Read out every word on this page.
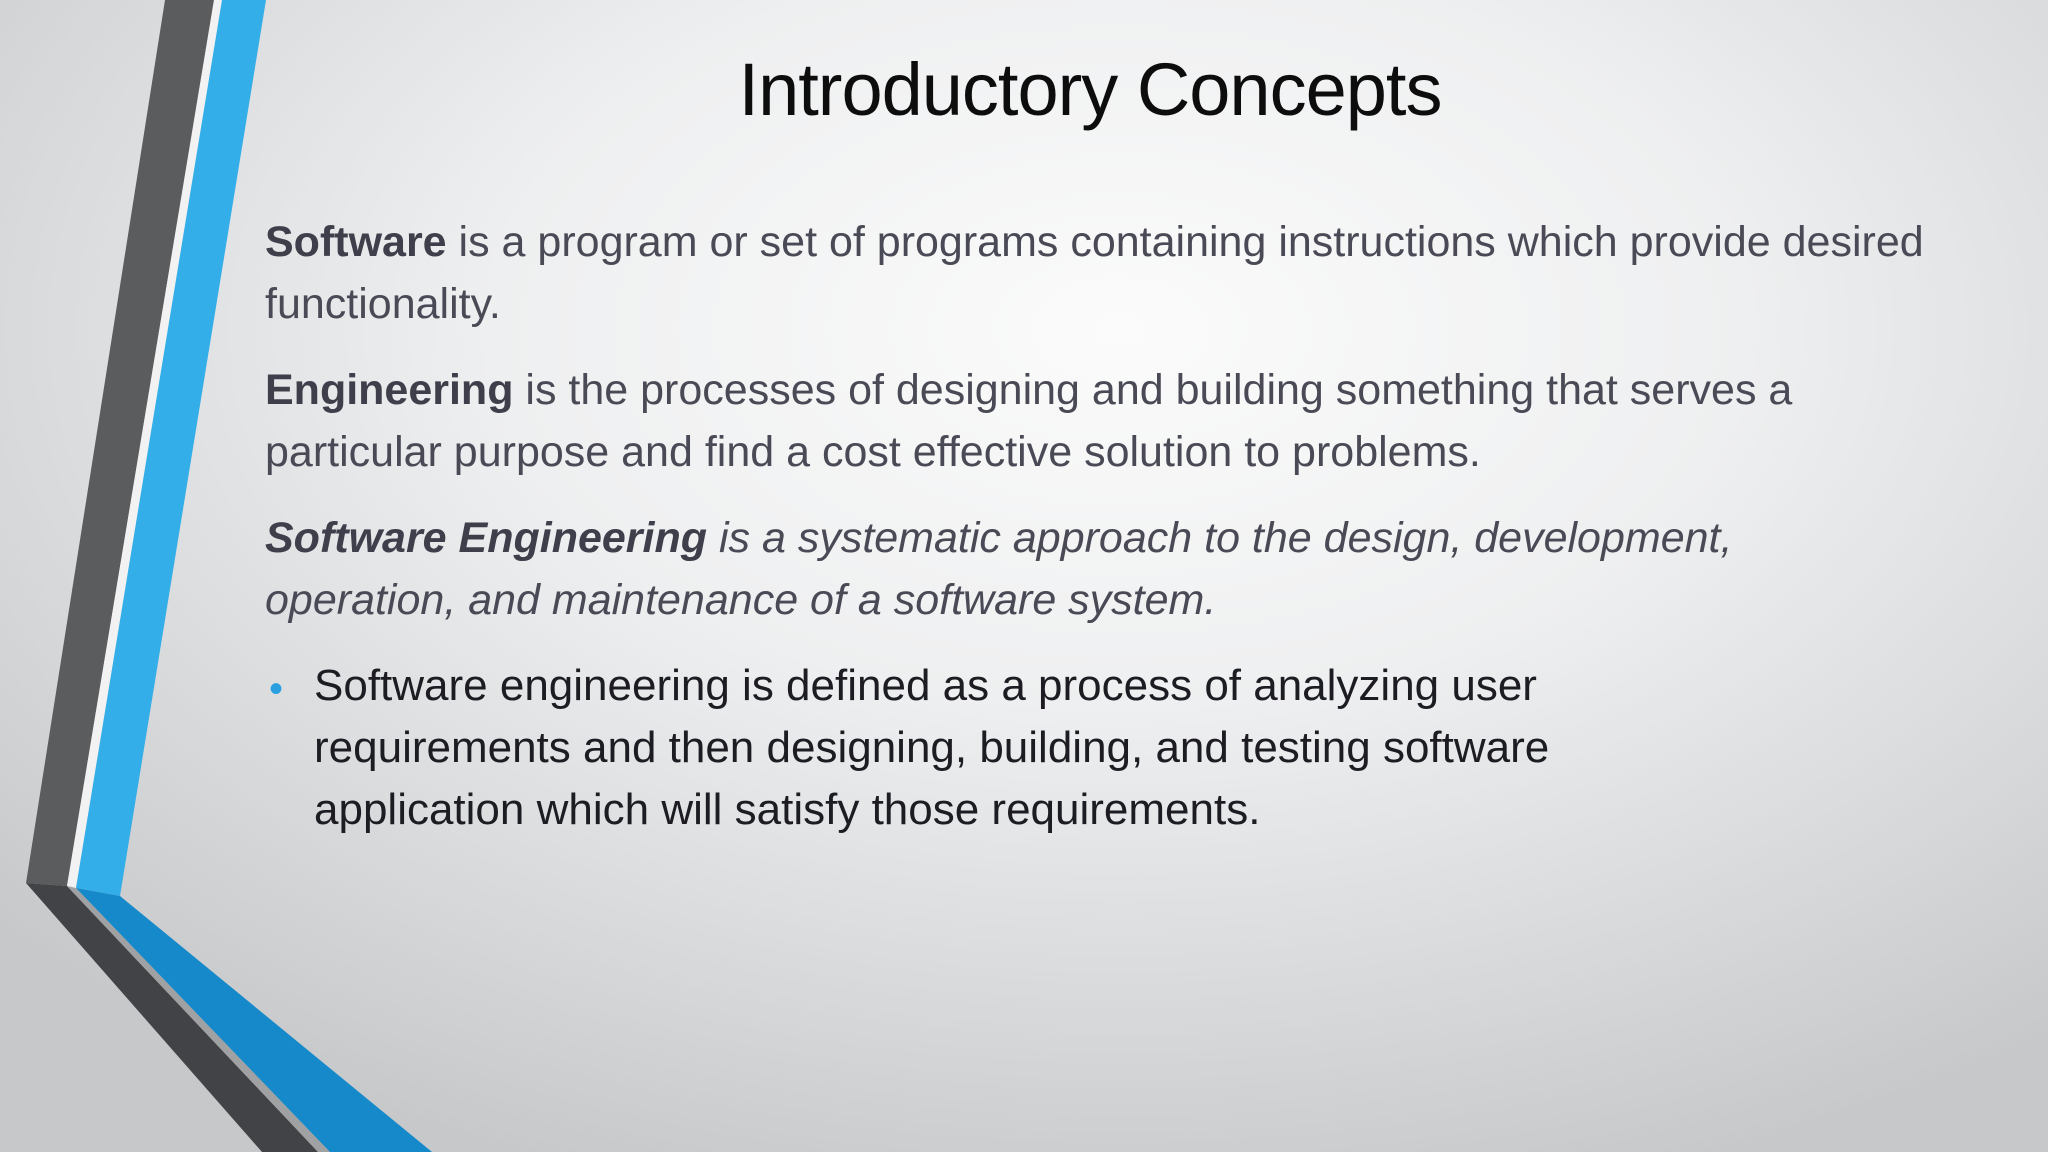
Introductory Concepts

Software is a program or set of programs containing instructions which provide desired functionality.

Engineering is the processes of designing and building something that serves a particular purpose and find a cost effective solution to problems.

Software Engineering is a systematic approach to the design, development, operation, and maintenance of a software system.

• Software engineering is defined as a process of analyzing user requirements and then designing, building, and testing software application which will satisfy those requirements.
